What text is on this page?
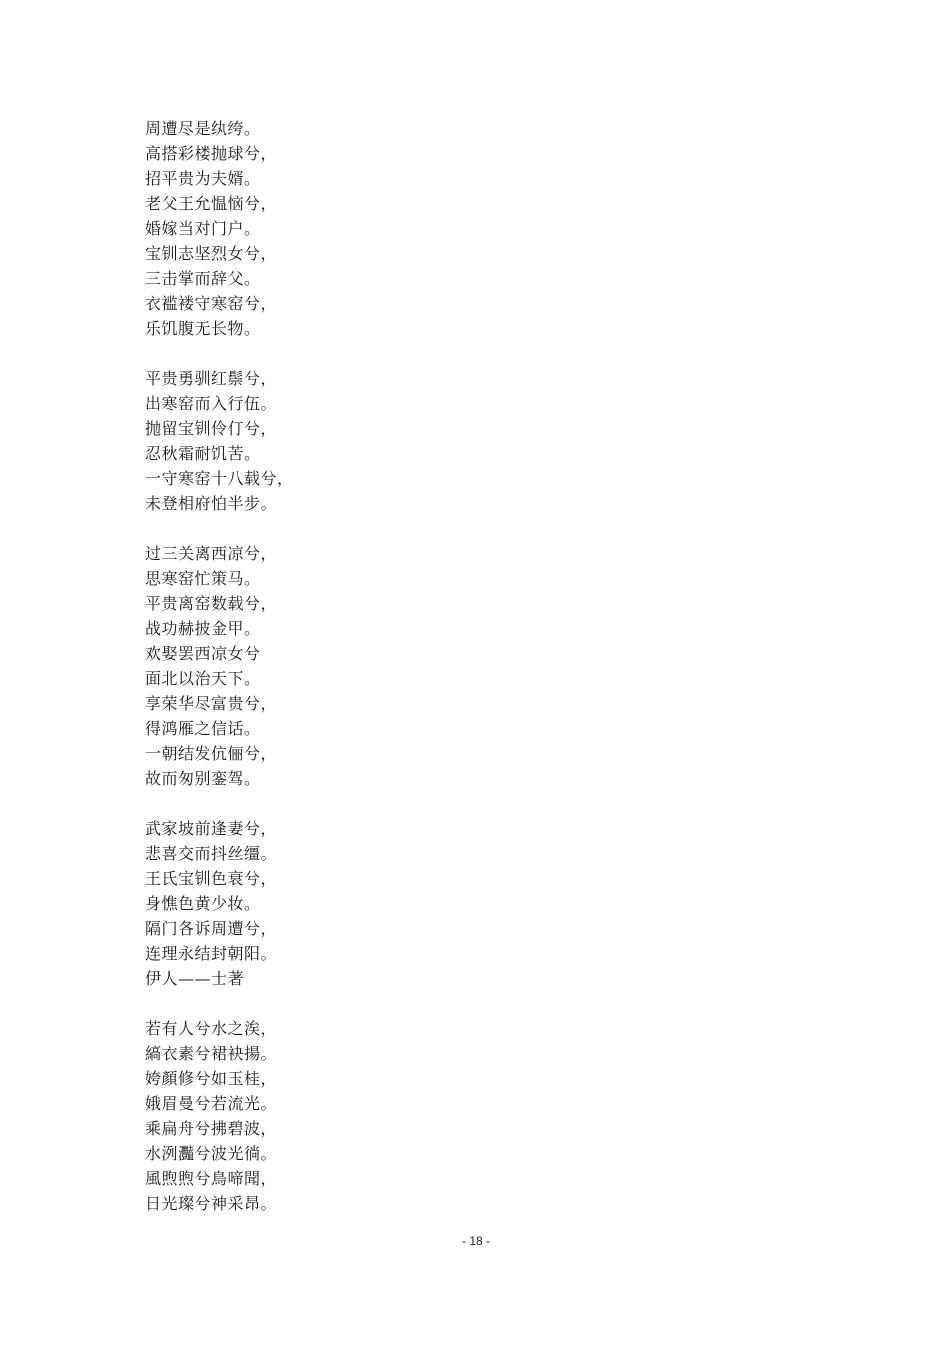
周遭尽是纨绔。
高搭彩楼抛球兮，
招平贵为夫婿。
老父王允愠恼兮，
婚嫁当对门户。
宝钏志坚烈女兮，
三击掌而辞父。
衣褴褛守寒窑兮，
乐饥腹无长物。
平贵勇驯红鬃兮，
出寒窑而入行伍。
抛留宝钏伶仃兮，
忍秋霜耐饥苦。
一守寒窑十八载兮，
未登相府怕半步。
过三关离西凉兮，
思寒窑忙策马。
平贵离窑数载兮，
战功赫披金甲。
欢娶罢西凉女兮
面北以治天下。
享荣华尽富贵兮，
得鸿雁之信话。
一朝结发伉俪兮，
故而匆别銮驾。
武家坡前逢妻兮，
悲喜交而抖丝缰。
王氏宝钏色衰兮，
身憔色黄少妆。
隔门各诉周遭兮，
连理永结封朝阳。
伊人——士著
若有人兮水之涘，
縞衣素兮裙袂揚。
姱顏修兮如玉桂，
娥眉曼兮若流光。
乘扁舟兮拂碧波，
水洌灩兮波光徜。
風煦煦兮鳥啼聞，
日光璨兮神采昂。
- 18 -
